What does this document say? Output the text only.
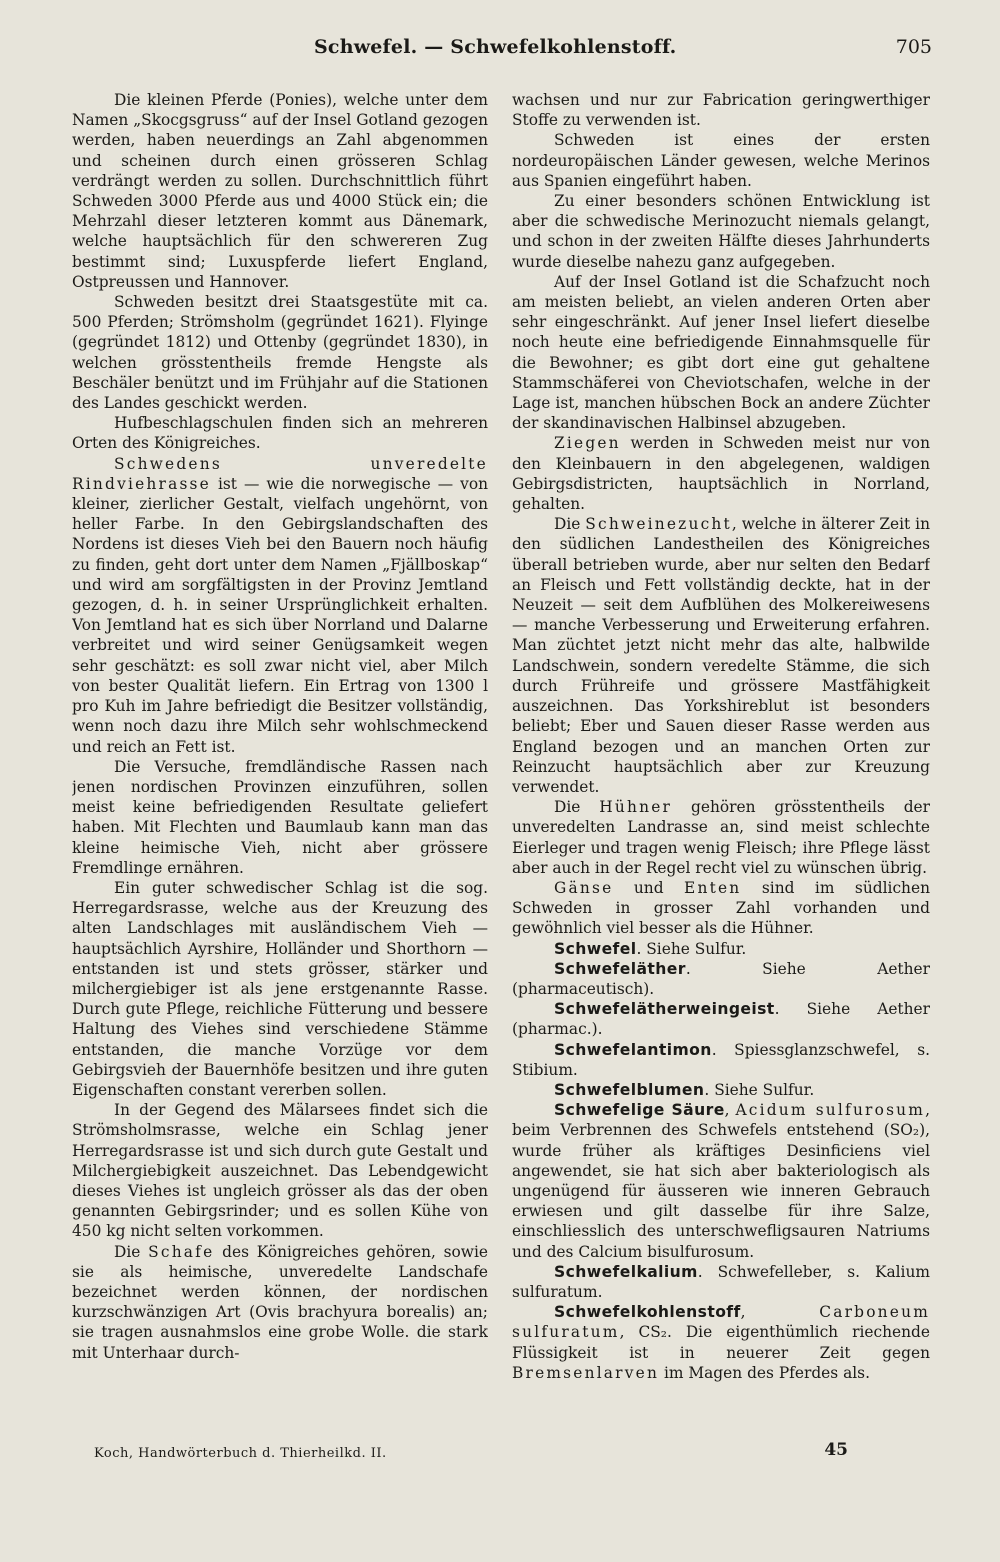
Schwefel. — Schwefelkohlenstoff.	705

Die kleinen Pferde (Ponies), welche unter dem Namen „Skocgsgruss“ auf der Insel Gotland gezogen werden, haben neuerdings an Zahl abgenommen und scheinen durch einen grösseren Schlag verdrängt werden zu sollen. Durchschnittlich führt Schweden 3000 Pferde aus und 4000 Stück ein; die Mehrzahl dieser letzteren kommt aus Dänemark, welche hauptsächlich für den schwereren Zug bestimmt sind; Luxuspferde liefert England, Ostpreussen und Hannover.

Schweden besitzt drei Staatsgestüte mit ca. 500 Pferden; Strömsholm (gegründet 1621). Flyinge (gegründet 1812) und Ottenby (gegründet 1830), in welchen grösstentheils fremde Hengste als Beschäler benützt und im Frühjahr auf die Stationen des Landes geschickt werden.

Hufbeschlagschulen finden sich an mehreren Orten des Königreiches.

Schwedens unveredelte Rindviehrasse ist — wie die norwegische — von kleiner, zierlicher Gestalt, vielfach ungehörnt, von heller Farbe. In den Gebirgslandschaften des Nordens ist dieses Vieh bei den Bauern noch häufig zu finden, geht dort unter dem Namen „Fjällboskap“ und wird am sorgfältigsten in der Provinz Jemtland gezogen, d. h. in seiner Ursprünglichkeit erhalten. Von Jemtland hat es sich über Norrland und Dalarne verbreitet und wird seiner Genügsamkeit wegen sehr geschätzt: es soll zwar nicht viel, aber Milch von bester Qualität liefern. Ein Ertrag von 1300 l pro Kuh im Jahre befriedigt die Besitzer vollständig, wenn noch dazu ihre Milch sehr wohlschmeckend und reich an Fett ist.

Die Versuche, fremdländische Rassen nach jenen nordischen Provinzen einzuführen, sollen meist keine befriedigenden Resultate geliefert haben. Mit Flechten und Baumlaub kann man das kleine heimische Vieh, nicht aber grössere Fremdlinge ernähren.

Ein guter schwedischer Schlag ist die sog. Herregardsrasse, welche aus der Kreuzung des alten Landschlages mit ausländischem Vieh — hauptsächlich Ayrshire, Holländer und Shorthorn — entstanden ist und stets grösser, stärker und milchergiebiger ist als jene erstgenannte Rasse. Durch gute Pflege, reichliche Fütterung und bessere Haltung des Viehes sind verschiedene Stämme entstanden, die manche Vorzüge vor dem Gebirgsvieh der Bauernhöfe besitzen und ihre guten Eigenschaften constant vererben sollen.

In der Gegend des Mälarsees findet sich die Strömsholmsrasse, welche ein Schlag jener Herregardsrasse ist und sich durch gute Gestalt und Milchergiebigkeit auszeichnet. Das Lebendgewicht dieses Viehes ist ungleich grösser als das der oben genannten Gebirgsrinder; und es sollen Kühe von 450 kg nicht selten vorkommen.

Die Schafe des Königreiches gehören, sowie sie als heimische, unveredelte Landschafe bezeichnet werden können, der nordischen kurzschwänzigen Art (Ovis brachyura borealis) an; sie tragen ausnahmslos eine grobe Wolle. die stark mit Unterhaar durch-

wachsen und nur zur Fabrication geringwerthiger Stoffe zu verwenden ist.

Schweden ist eines der ersten nordeuropäischen Länder gewesen, welche Merinos aus Spanien eingeführt haben.

Zu einer besonders schönen Entwicklung ist aber die schwedische Merinozucht niemals gelangt, und schon in der zweiten Hälfte dieses Jahrhunderts wurde dieselbe nahezu ganz aufgegeben.

Auf der Insel Gotland ist die Schafzucht noch am meisten beliebt, an vielen anderen Orten aber sehr eingeschränkt. Auf jener Insel liefert dieselbe noch heute eine befriedigende Einnahmsquelle für die Bewohner; es gibt dort eine gut gehaltene Stammschäferei von Cheviotschafen, welche in der Lage ist, manchen hübschen Bock an andere Züchter der skandinavischen Halbinsel abzugeben.

Ziegen werden in Schweden meist nur von den Kleinbauern in den abgelegenen, waldigen Gebirgsdistricten, hauptsächlich in Norrland, gehalten.

Die Schweinezucht, welche in älterer Zeit in den südlichen Landestheilen des Königreiches überall betrieben wurde, aber nur selten den Bedarf an Fleisch und Fett vollständig deckte, hat in der Neuzeit — seit dem Aufblühen des Molkereiwesens — manche Verbesserung und Erweiterung erfahren. Man züchtet jetzt nicht mehr das alte, halbwilde Landschwein, sondern veredelte Stämme, die sich durch Frühreife und grössere Mastfähigkeit auszeichnen. Das Yorkshireblut ist besonders beliebt; Eber und Sauen dieser Rasse werden aus England bezogen und an manchen Orten zur Reinzucht hauptsächlich aber zur Kreuzung verwendet.

Die Hühner gehören grösstentheils der unveredelten Landrasse an, sind meist schlechte Eierleger und tragen wenig Fleisch; ihre Pflege lässt aber auch in der Regel recht viel zu wünschen übrig.

Gänse und Enten sind im südlichen Schweden in grosser Zahl vorhanden und gewöhnlich viel besser als die Hühner.

Schwefel. Siehe Sulfur.

Schwefeläther. Siehe Aether (pharmaceutisch).

Schwefelätherweingeist. Siehe Aether (pharmac.).

Schwefelantimon. Spiessglanzschwefel, s. Stibium.

Schwefelblumen. Siehe Sulfur.

Schwefelige Säure, Acidum sulfurosum, beim Verbrennen des Schwefels entstehend (SO₂), wurde früher als kräftiges Desinficiens viel angewendet, sie hat sich aber bakteriologisch als ungenügend für äusseren wie inneren Gebrauch erwiesen und gilt dasselbe für ihre Salze, einschliesslich des unterschwefligsauren Natriums und des Calcium bisulfurosum.

Schwefelkalium. Schwefelleber, s. Kalium sulfuratum.

Schwefelkohlenstoff, Carboneum sulfuratum, CS₂. Die eigenthümlich riechende Flüssigkeit ist in neuerer Zeit gegen Bremsenlarven im Magen des Pferdes als.

Koch, Handwörterbuch d. Thierheilkd. II.	45
